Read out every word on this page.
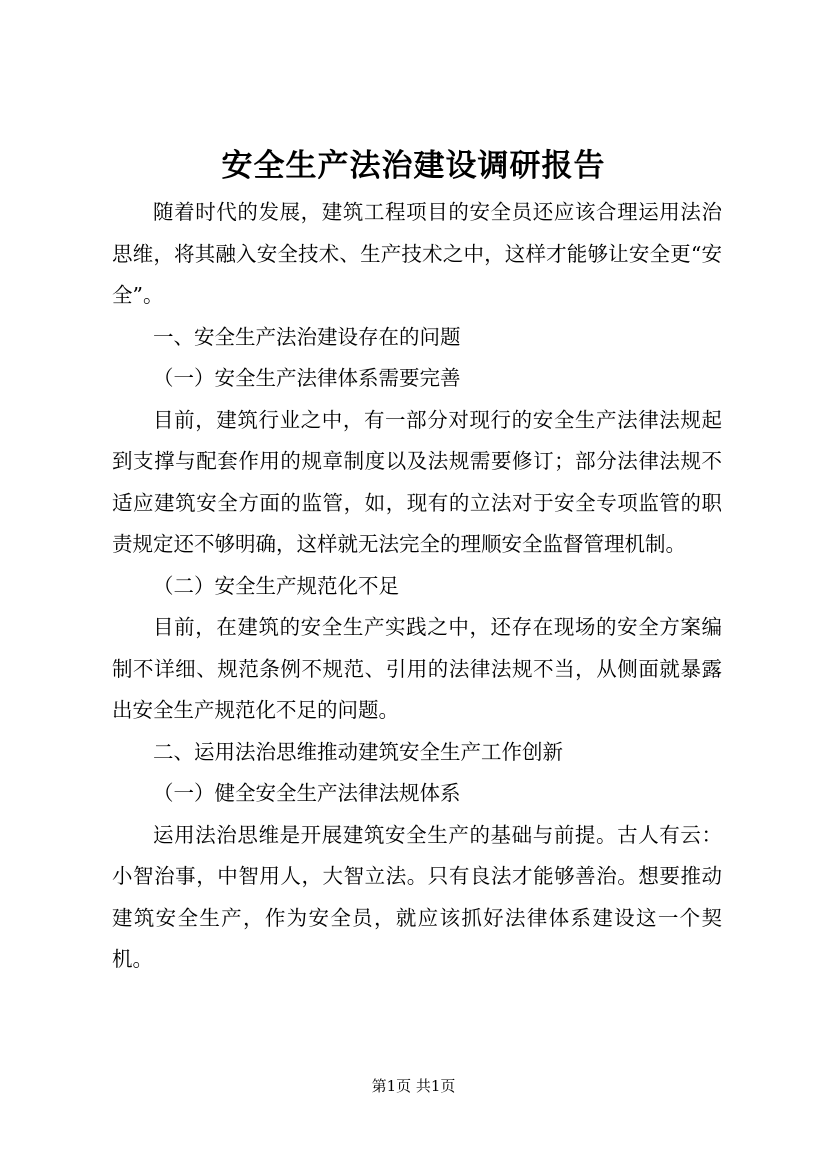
安全生产法治建设调研报告

随着时代的发展，建筑工程项目的安全员还应该合理运用法治思维，将其融入安全技术、生产技术之中，这样才能够让安全更“安全”。

一、安全生产法治建设存在的问题

（一）安全生产法律体系需要完善

目前，建筑行业之中，有一部分对现行的安全生产法律法规起到支撑与配套作用的规章制度以及法规需要修订；部分法律法规不适应建筑安全方面的监管，如，现有的立法对于安全专项监管的职责规定还不够明确，这样就无法完全的理顺安全监督管理机制。

（二）安全生产规范化不足

目前，在建筑的安全生产实践之中，还存在现场的安全方案编制不详细、规范条例不规范、引用的法律法规不当，从侧面就暴露出安全生产规范化不足的问题。

二、运用法治思维推动建筑安全生产工作创新

（一）健全安全生产法律法规体系

运用法治思维是开展建筑安全生产的基础与前提。古人有云：小智治事，中智用人，大智立法。只有良法才能够善治。想要推动建筑安全生产，作为安全员，就应该抓好法律体系建设这一个契机。

第1页 共1页
